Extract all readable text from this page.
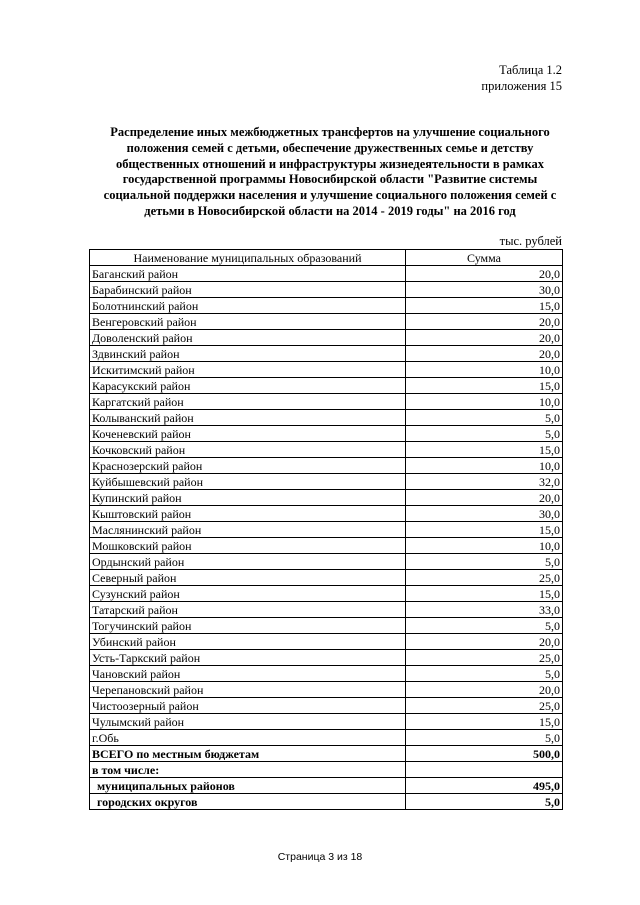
Таблица 1.2
приложения 15
Распределение иных межбюджетных трансфертов на улучшение социального
положения семей с детьми, обеспечение дружественных семье и детству
общественных отношений и инфраструктуры жизнедеятельности в рамках
государственной программы Новосибирской области "Развитие системы
социальной поддержки населения и улучшение социального положения семей с
детьми в Новосибирской области на 2014 - 2019 годы" на 2016 год
тыс. рублей
Наименование муниципальных образований	Сумма
Баганский район	20,0
Барабинский район	30,0
Болотнинский район	15,0
Венгеровский район	20,0
Доволенский район	20,0
Здвинский район	20,0
Искитимский район	10,0
Карасукский район	15,0
Каргатский район	10,0
Колыванский район	5,0
Коченевский район	5,0
Кочковский район	15,0
Краснозерский район	10,0
Куйбышевский район	32,0
Купинский район	20,0
Кыштовский район	30,0
Маслянинский район	15,0
Мошковский район	10,0
Ордынский район	5,0
Северный район	25,0
Сузунский район	15,0
Татарский район	33,0
Тогучинский район	5,0
Убинский район	20,0
Усть-Таркский район	25,0
Чановский район	5,0
Черепановский район	20,0
Чистоозерный район	25,0
Чулымский район	15,0
г.Обь	5,0
ВСЕГО по местным бюджетам	500,0
в том числе:	
муниципальных районов	495,0
городских округов	5,0
Страница 3 из 18
